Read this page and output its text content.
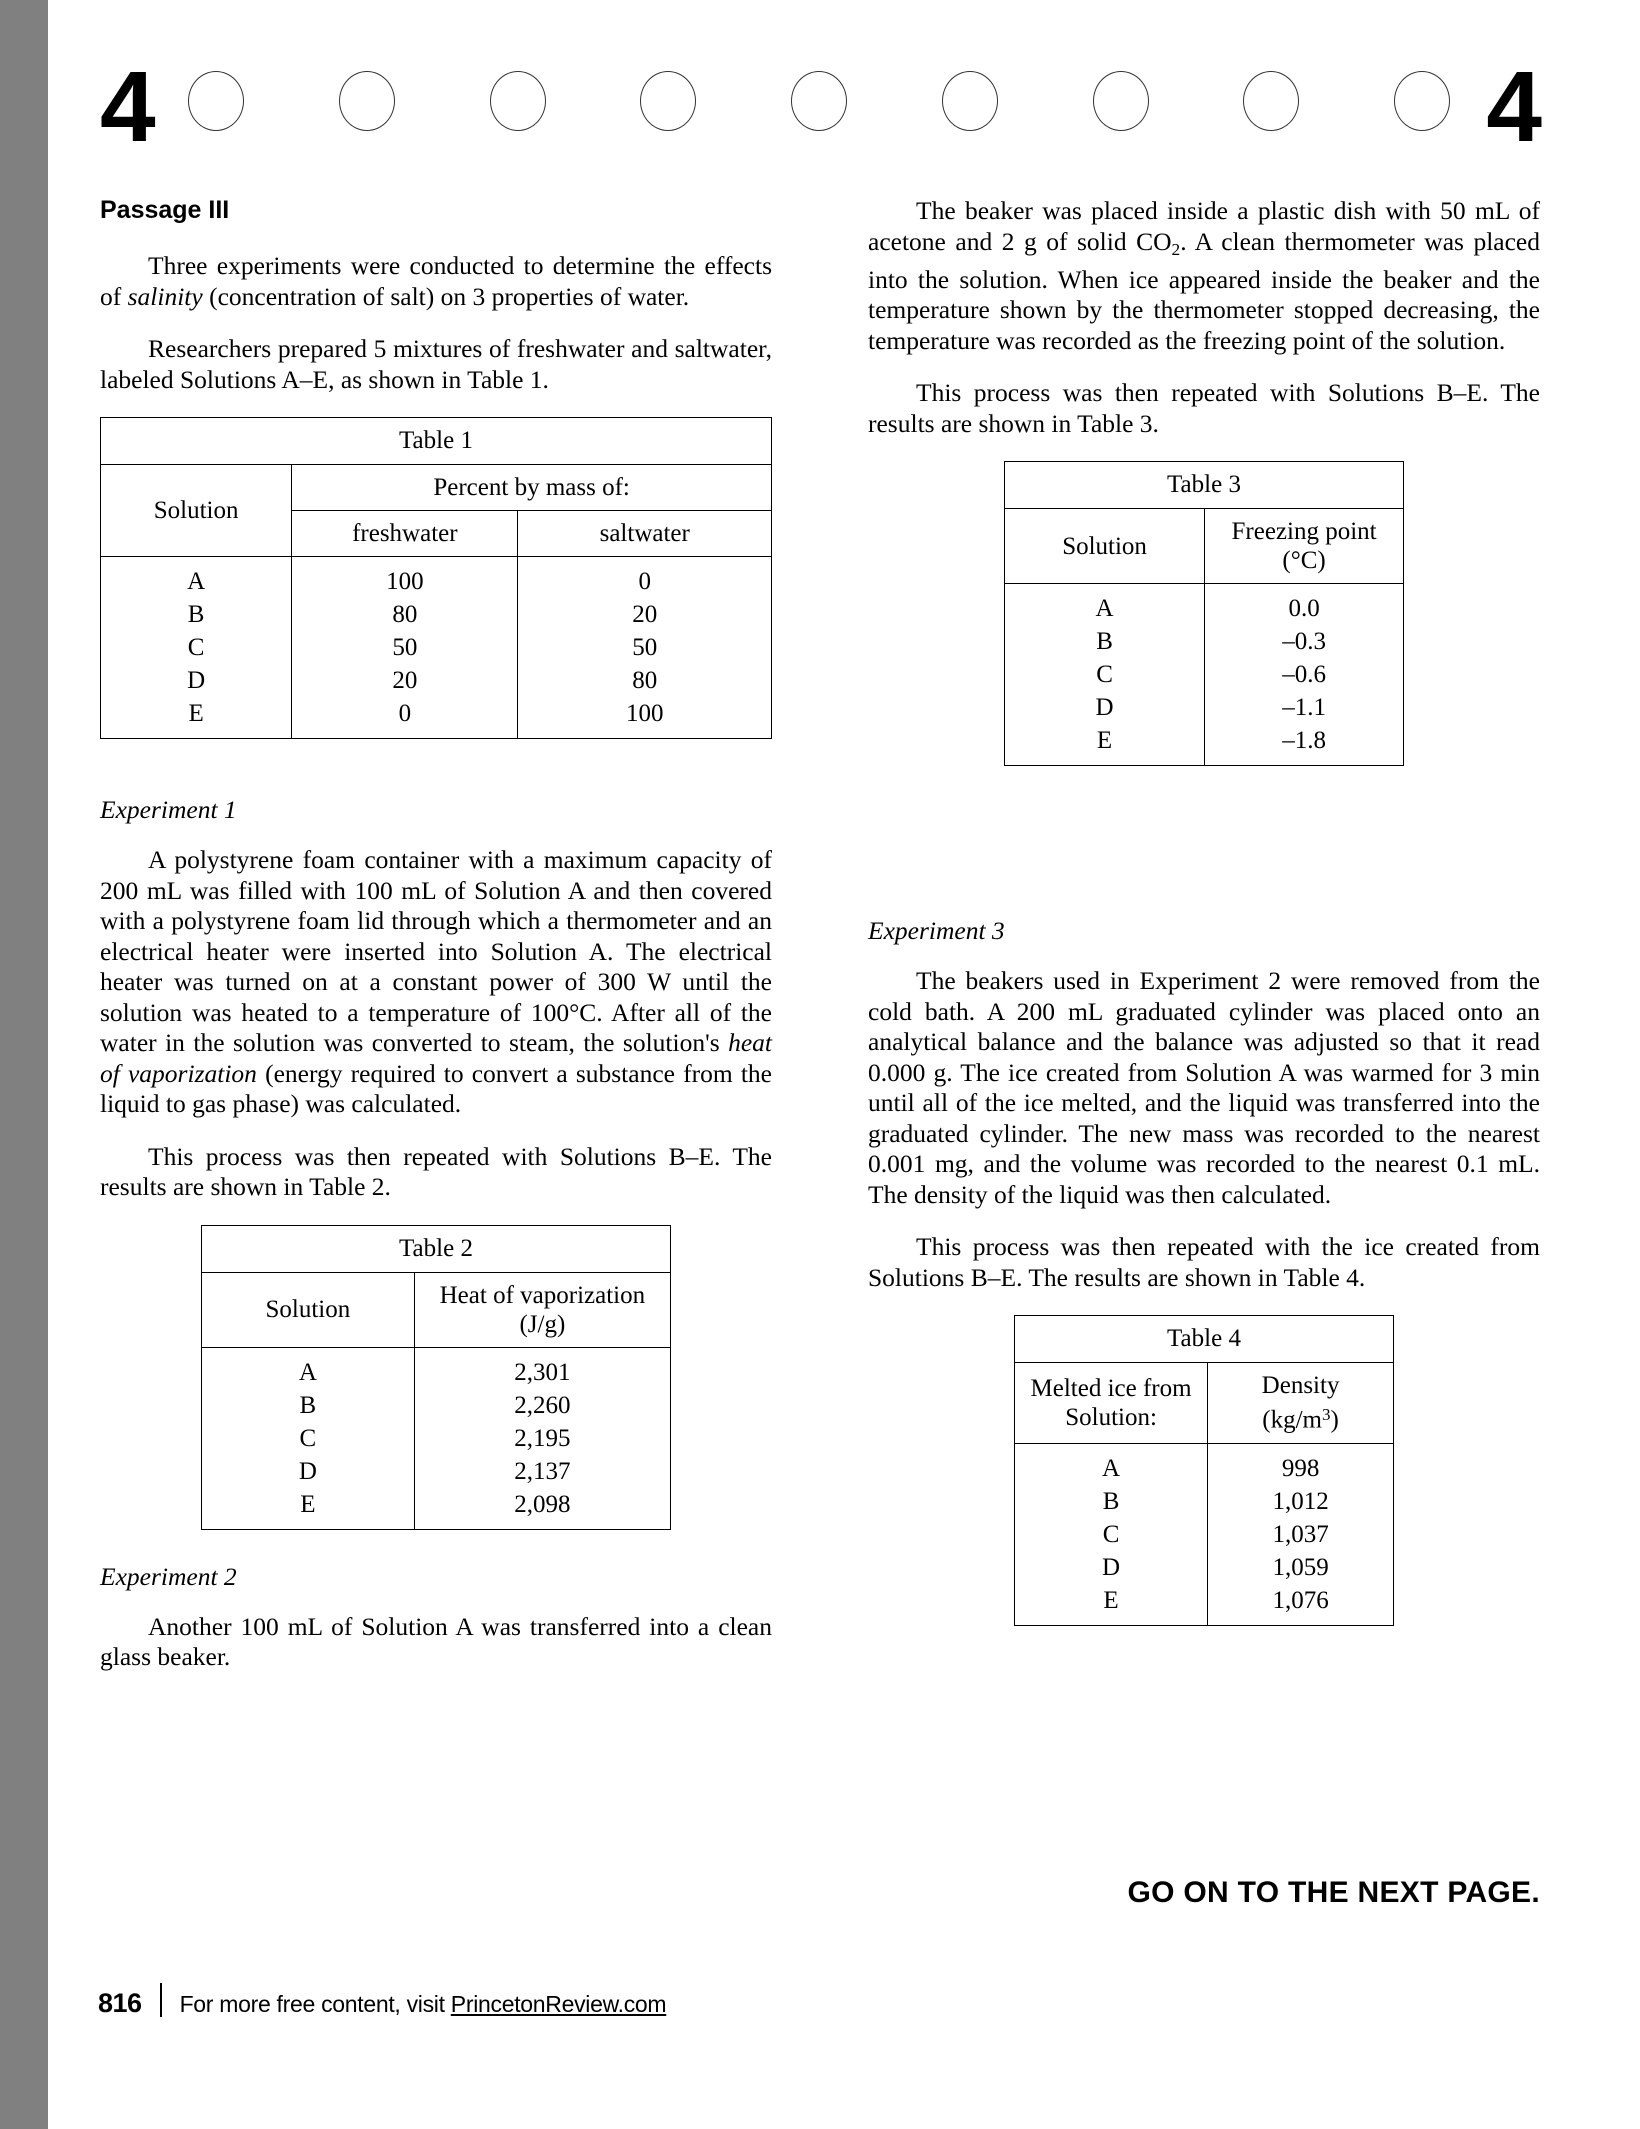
4	4
Passage III

Three experiments were conducted to determine the effects of salinity (concentration of salt) on 3 properties of water.

Researchers prepared 5 mixtures of freshwater and saltwater, labeled Solutions A–E, as shown in Table 1.

Table 1		
Solution	Percent by mass of:	
	freshwater	saltwater
A	100	0
B	80	20
C	50	50
D	20	80
E	0	100
Experiment 1

A polystyrene foam container with a maximum capacity of 200 mL was filled with 100 mL of Solution A and then covered with a polystyrene foam lid through which a thermometer and an electrical heater were inserted into Solution A. The electrical heater was turned on at a constant power of 300 W until the solution was heated to a temperature of 100°C. After all of the water in the solution was converted to steam, the solution's heat of vaporization (energy required to convert a substance from the liquid to gas phase) was calculated.

This process was then repeated with Solutions B–E. The results are shown in Table 2.

Table 2	
Solution	Heat of vaporization
(J/g)
A	2,301
B	2,260
C	2,195
D	2,137
E	2,098
Experiment 2

Another 100 mL of Solution A was transferred into a clean glass beaker.

The beaker was placed inside a plastic dish with 50 mL of acetone and 2 g of solid $CO_2$. A clean thermometer was placed into the solution. When ice appeared inside the beaker and the temperature shown by the thermometer stopped decreasing, the temperature was recorded as the freezing point of the solution.

This process was then repeated with Solutions B–E. The results are shown in Table 3.

Table 3	
Solution	Freezing point
(°C)
A	0.0
B	–0.3
C	–0.6
D	–1.1
E	–1.8
Experiment 3

The beakers used in Experiment 2 were removed from the cold bath. A 200 mL graduated cylinder was placed onto an analytical balance and the balance was adjusted so that it read 0.000 g. The ice created from Solution A was warmed for 3 min until all of the ice melted, and the liquid was transferred into the graduated cylinder. The new mass was recorded to the nearest 0.001 mg, and the volume was recorded to the nearest 0.1 mL. The density of the liquid was then calculated.

This process was then repeated with the ice created from Solutions B–E. The results are shown in Table 4.

Table 4	
Melted ice from
Solution:	Density
$(kg/m^3)$
A	998
B	1,012
C	1,037
D	1,059
E	1,076
GO ON TO THE NEXT PAGE.
816 For more free content, visit PrincetonReview.com
